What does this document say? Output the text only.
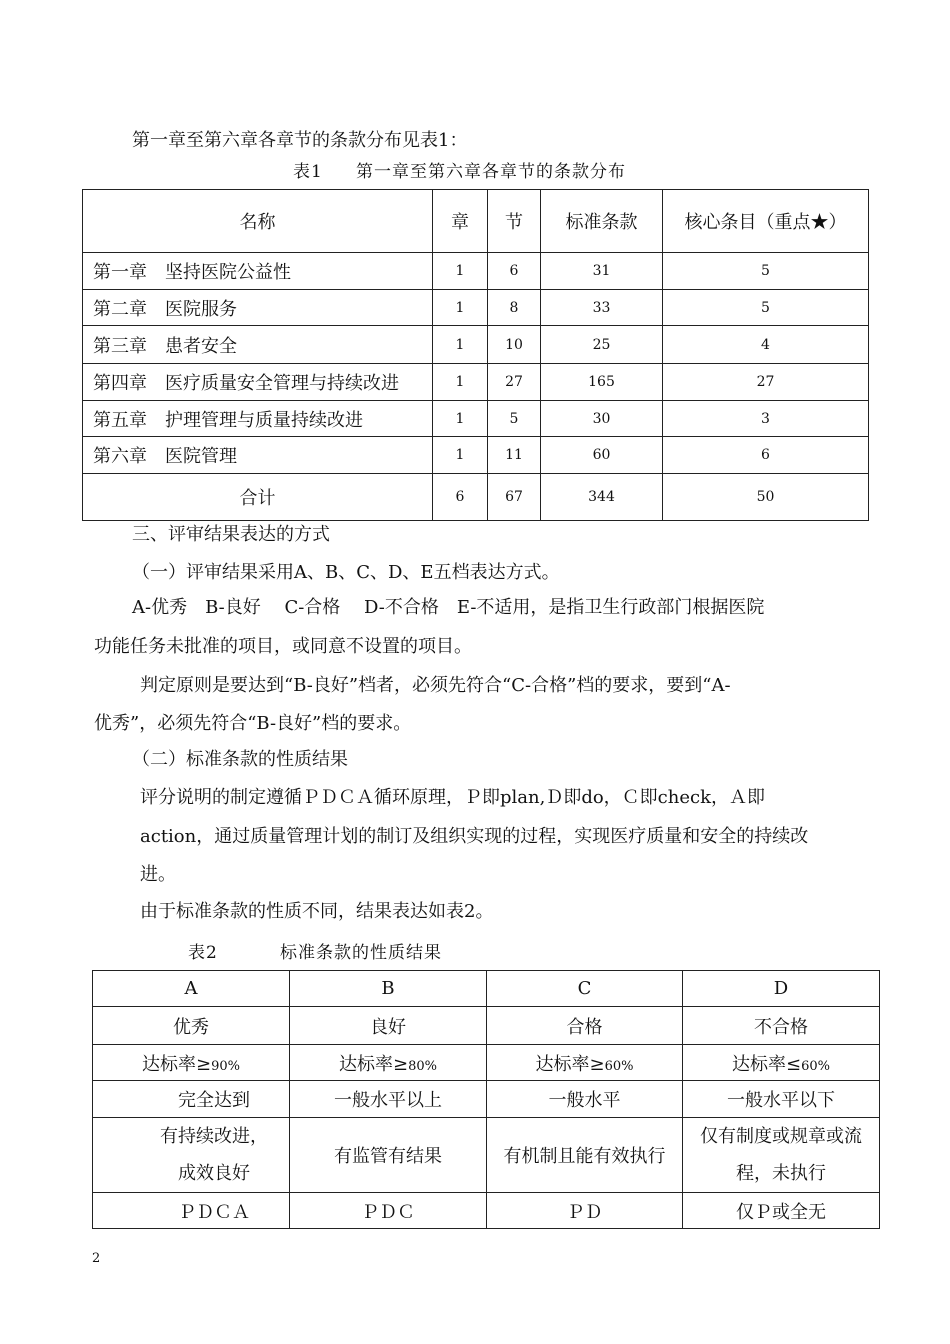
第一章至第六章各章节的条款分布见表1：
表1 第一章至第六章各章节的条款分布
名称	章	节	标准条款	核心条目（重点★）
第一章　 坚持医院公益性	1	6	31	5
第二章　 医院服务	1	8	33	5
第三章　 患者安全	1	10	25	4
第四章　 医疗质量安全管理与持续改进	1	27	165	27
第五章　 护理管理与质量持续改进	1	5	30	3
第六章　 医院管理	1	11	60	6
合计	6	67	344	50
三、评审结果表达的方式
（一）评审结果采用A、B、C、D、E五档表达方式。
A-优秀　B-良好　 C-合格　 D-不合格　E-不适用，是指卫生行政部门根据医院
功能任务未批准的项目，或同意不设置的项目。
判定原则是要达到“B-良好”档者，必须先符合“C-合格”档的要求，要到“A-
优秀”，必须先符合“B-良好”档的要求。
（二）标准条款的性质结果
评分说明的制定遵循ＰＤＣＡ循环原理，Ｐ即plan,Ｄ即do，Ｃ即check，Ａ即
action，通过质量管理计划的制订及组织实现的过程，实现医疗质量和安全的持续改
进。
由于标准条款的性质不同，结果表达如表2。
表2	标准条款的性质结果
A	B	C	D
优秀	良好	合格	不合格
达标率≥90%	达标率≥80%	达标率≥60%	达标率≤60%
完全达到	一般水平以上	一般水平	一般水平以下
有持续改进，
成效良好	有监管有结果	有机制且能有效执行	仅有制度或规章或流
程，未执行
ＰＤＣＡ	ＰＤＣ	ＰＤ	仅Ｐ或全无
2
